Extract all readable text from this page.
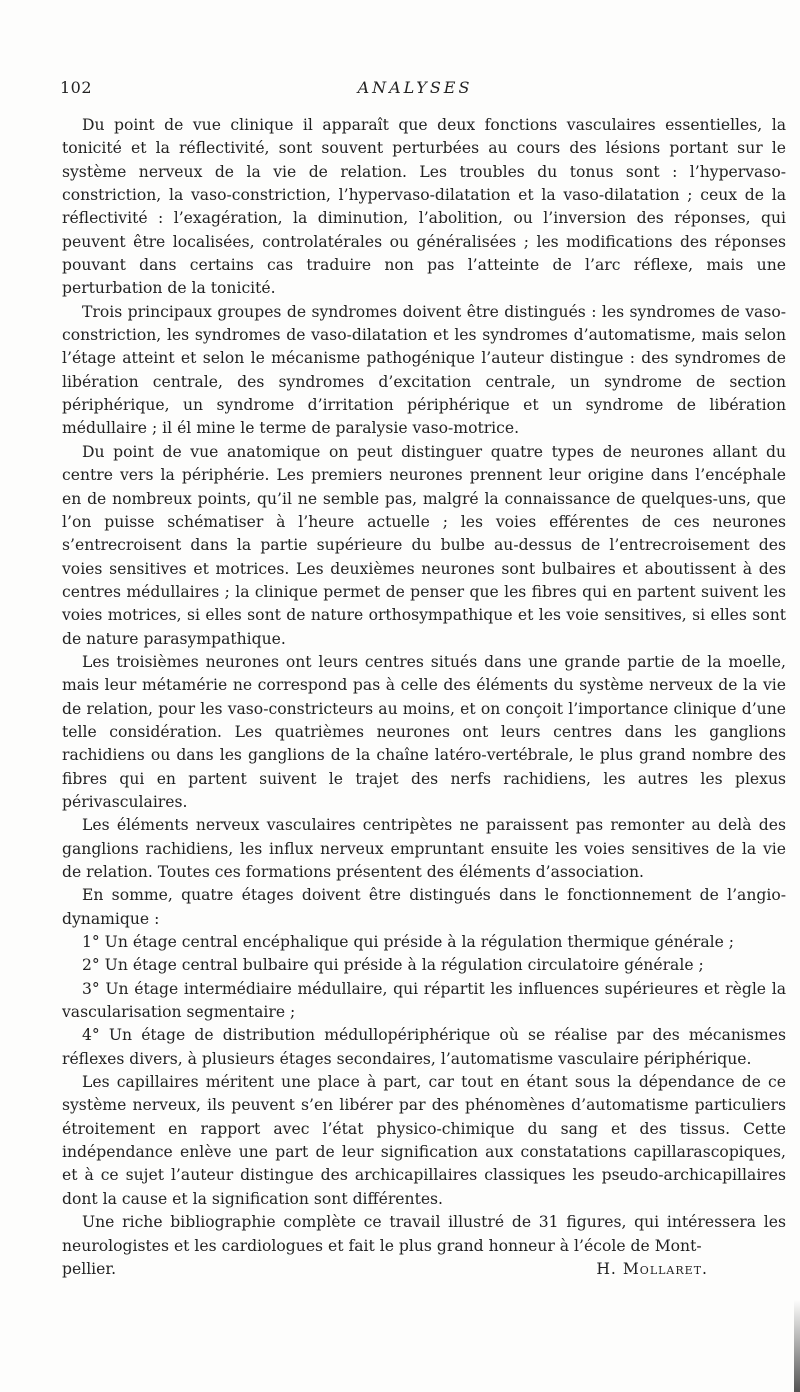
102	ANALYSES

Du point de vue clinique il apparaît que deux fonctions vasculaires essentielles, la tonicité et la réflectivité, sont souvent perturbées au cours des lésions portant sur le système nerveux de la vie de relation. Les troubles du tonus sont : l’hypervaso-constriction, la vaso-constriction, l’hypervaso-dilatation et la vaso-dilatation ; ceux de la réflectivité : l’exagération, la diminution, l’abolition, ou l’inversion des réponses, qui peuvent être localisées, controlatérales ou généralisées ; les modifications des réponses pouvant dans certains cas traduire non pas l’atteinte de l’arc réflexe, mais une perturbation de la tonicité.

Trois principaux groupes de syndromes doivent être distingués : les syndromes de vaso-constriction, les syndromes de vaso-dilatation et les syndromes d’automatisme, mais selon l’étage atteint et selon le mécanisme pathogénique l’auteur distingue : des syndromes de libération centrale, des syndromes d’excitation centrale, un syndrome de section périphérique, un syndrome d’irritation périphérique et un syndrome de libération médullaire ; il él mine le terme de paralysie vaso-motrice.

Du point de vue anatomique on peut distinguer quatre types de neurones allant du centre vers la périphérie. Les premiers neurones prennent leur origine dans l’encéphale en de nombreux points, qu’il ne semble pas, malgré la connaissance de quelques-uns, que l’on puisse schématiser à l’heure actuelle ; les voies efférentes de ces neurones s’entrecroisent dans la partie supérieure du bulbe au-dessus de l’entrecroisement des voies sensitives et motrices. Les deuxièmes neurones sont bulbaires et aboutissent à des centres médullaires ; la clinique permet de penser que les fibres qui en partent suivent les voies motrices, si elles sont de nature orthosympathique et les voie sensitives, si elles sont de nature parasympathique.

Les troisièmes neurones ont leurs centres situés dans une grande partie de la moelle, mais leur métamérie ne correspond pas à celle des éléments du système nerveux de la vie de relation, pour les vaso-constricteurs au moins, et on conçoit l’importance clinique d’une telle considération. Les quatrièmes neurones ont leurs centres dans les ganglions rachidiens ou dans les ganglions de la chaîne latéro-vertébrale, le plus grand nombre des fibres qui en partent suivent le trajet des nerfs rachidiens, les autres les plexus périvasculaires.

Les éléments nerveux vasculaires centripètes ne paraissent pas remonter au delà des ganglions rachidiens, les influx nerveux empruntant ensuite les voies sensitives de la vie de relation. Toutes ces formations présentent des éléments d’association.

En somme, quatre étages doivent être distingués dans le fonctionnement de l’angio-dynamique :

1° Un étage central encéphalique qui préside à la régulation thermique générale ;

2° Un étage central bulbaire qui préside à la régulation circulatoire générale ;

3° Un étage intermédiaire médullaire, qui répartit les influences supérieures et règle la vascularisation segmentaire ;

4° Un étage de distribution médullopériphérique où se réalise par des mécanismes réflexes divers, à plusieurs étages secondaires, l’automatisme vasculaire périphérique.

Les capillaires méritent une place à part, car tout en étant sous la dépendance de ce système nerveux, ils peuvent s’en libérer par des phénomènes d’automatisme particuliers étroitement en rapport avec l’état physico-chimique du sang et des tissus. Cette indépendance enlève une part de leur signification aux constatations capillarascopiques, et à ce sujet l’auteur distingue des archicapillaires classiques les pseudo-archicapillaires dont la cause et la signification sont différentes.

Une riche bibliographie complète ce travail illustré de 31 figures, qui intéressera les neurologistes et les cardiologues et fait le plus grand honneur à l’école de Mont-

pellier.	H. Mollaret.
